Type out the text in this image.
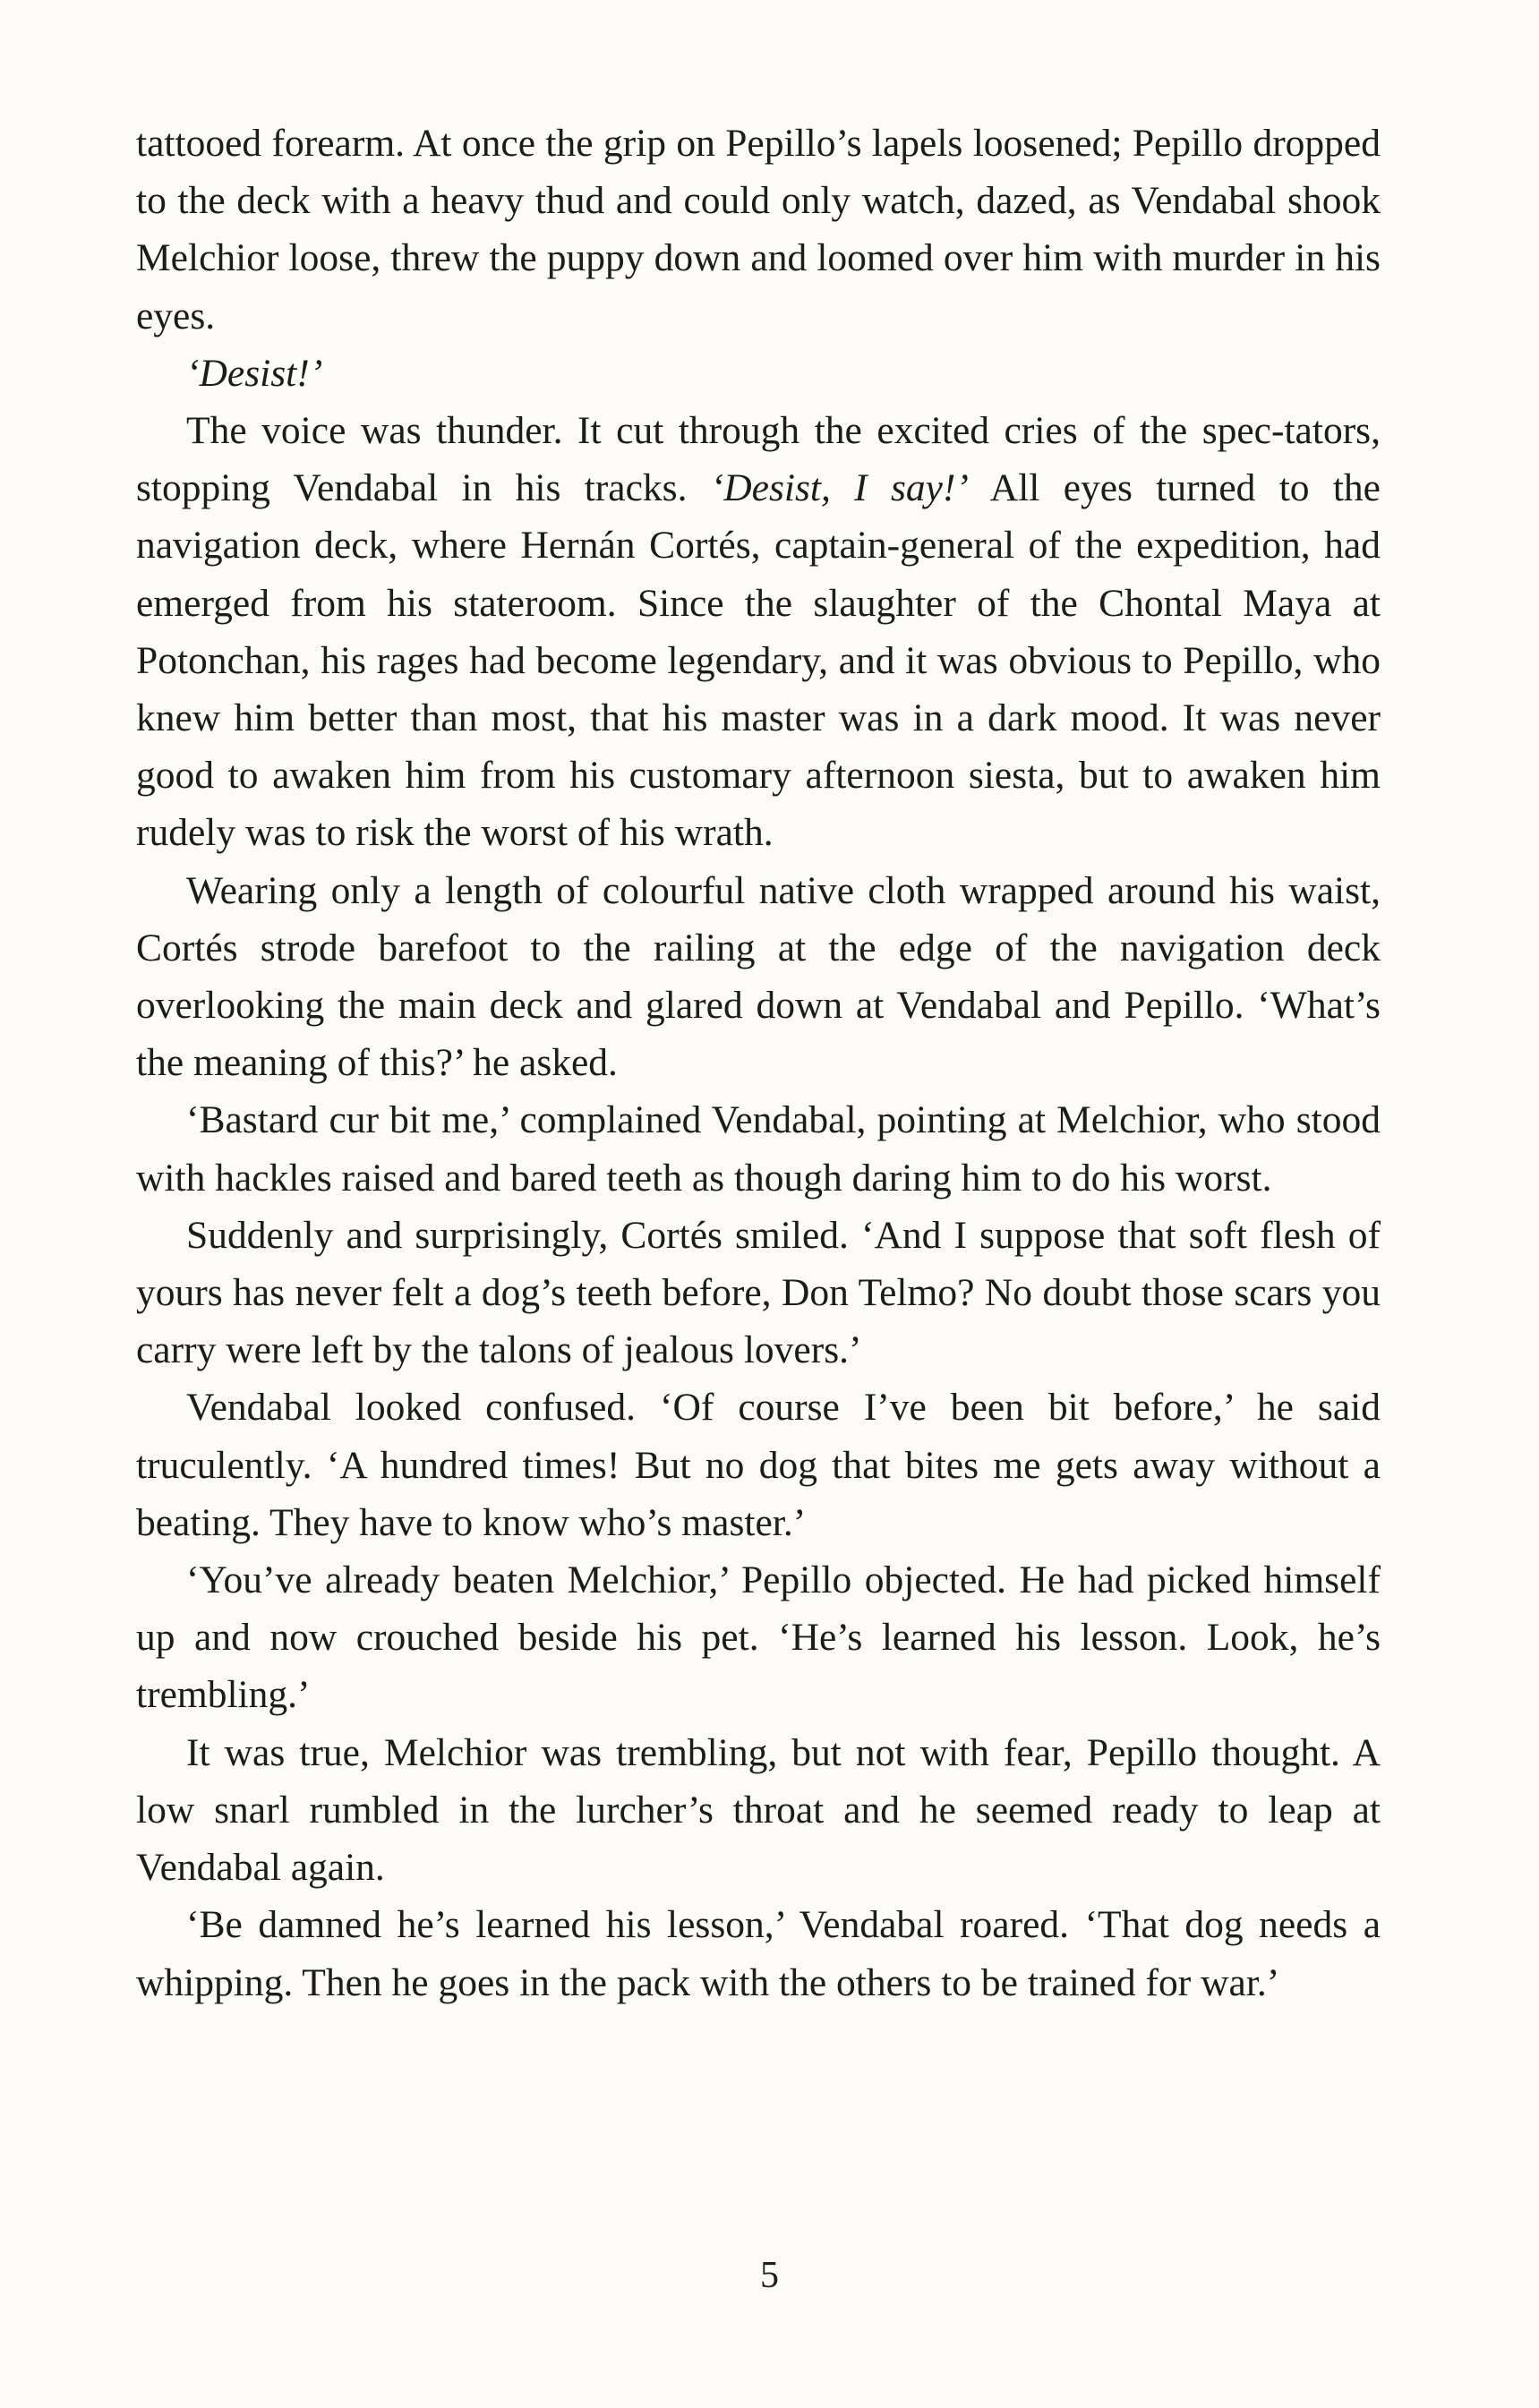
tattooed forearm. At once the grip on Pepillo’s lapels loosened; Pepillo dropped to the deck with a heavy thud and could only watch, dazed, as Vendabal shook Melchior loose, threw the puppy down and loomed over him with murder in his eyes.

‘Desist!’

The voice was thunder. It cut through the excited cries of the spec-tators, stopping Vendabal in his tracks. ‘Desist, I say!’ All eyes turned to the navigation deck, where Hernán Cortés, captain-general of the expedition, had emerged from his stateroom. Since the slaughter of the Chontal Maya at Potonchan, his rages had become legendary, and it was obvious to Pepillo, who knew him better than most, that his master was in a dark mood. It was never good to awaken him from his customary afternoon siesta, but to awaken him rudely was to risk the worst of his wrath.

Wearing only a length of colourful native cloth wrapped around his waist, Cortés strode barefoot to the railing at the edge of the navigation deck overlooking the main deck and glared down at Vendabal and Pepillo. ‘What’s the meaning of this?’ he asked.

‘Bastard cur bit me,’ complained Vendabal, pointing at Melchior, who stood with hackles raised and bared teeth as though daring him to do his worst.

Suddenly and surprisingly, Cortés smiled. ‘And I suppose that soft flesh of yours has never felt a dog’s teeth before, Don Telmo? No doubt those scars you carry were left by the talons of jealous lovers.’

Vendabal looked confused. ‘Of course I’ve been bit before,’ he said truculently. ‘A hundred times! But no dog that bites me gets away without a beating. They have to know who’s master.’

‘You’ve already beaten Melchior,’ Pepillo objected. He had picked himself up and now crouched beside his pet. ‘He’s learned his lesson. Look, he’s trembling.’

It was true, Melchior was trembling, but not with fear, Pepillo thought. A low snarl rumbled in the lurcher’s throat and he seemed ready to leap at Vendabal again.

‘Be damned he’s learned his lesson,’ Vendabal roared. ‘That dog needs a whipping. Then he goes in the pack with the others to be trained for war.’

5
